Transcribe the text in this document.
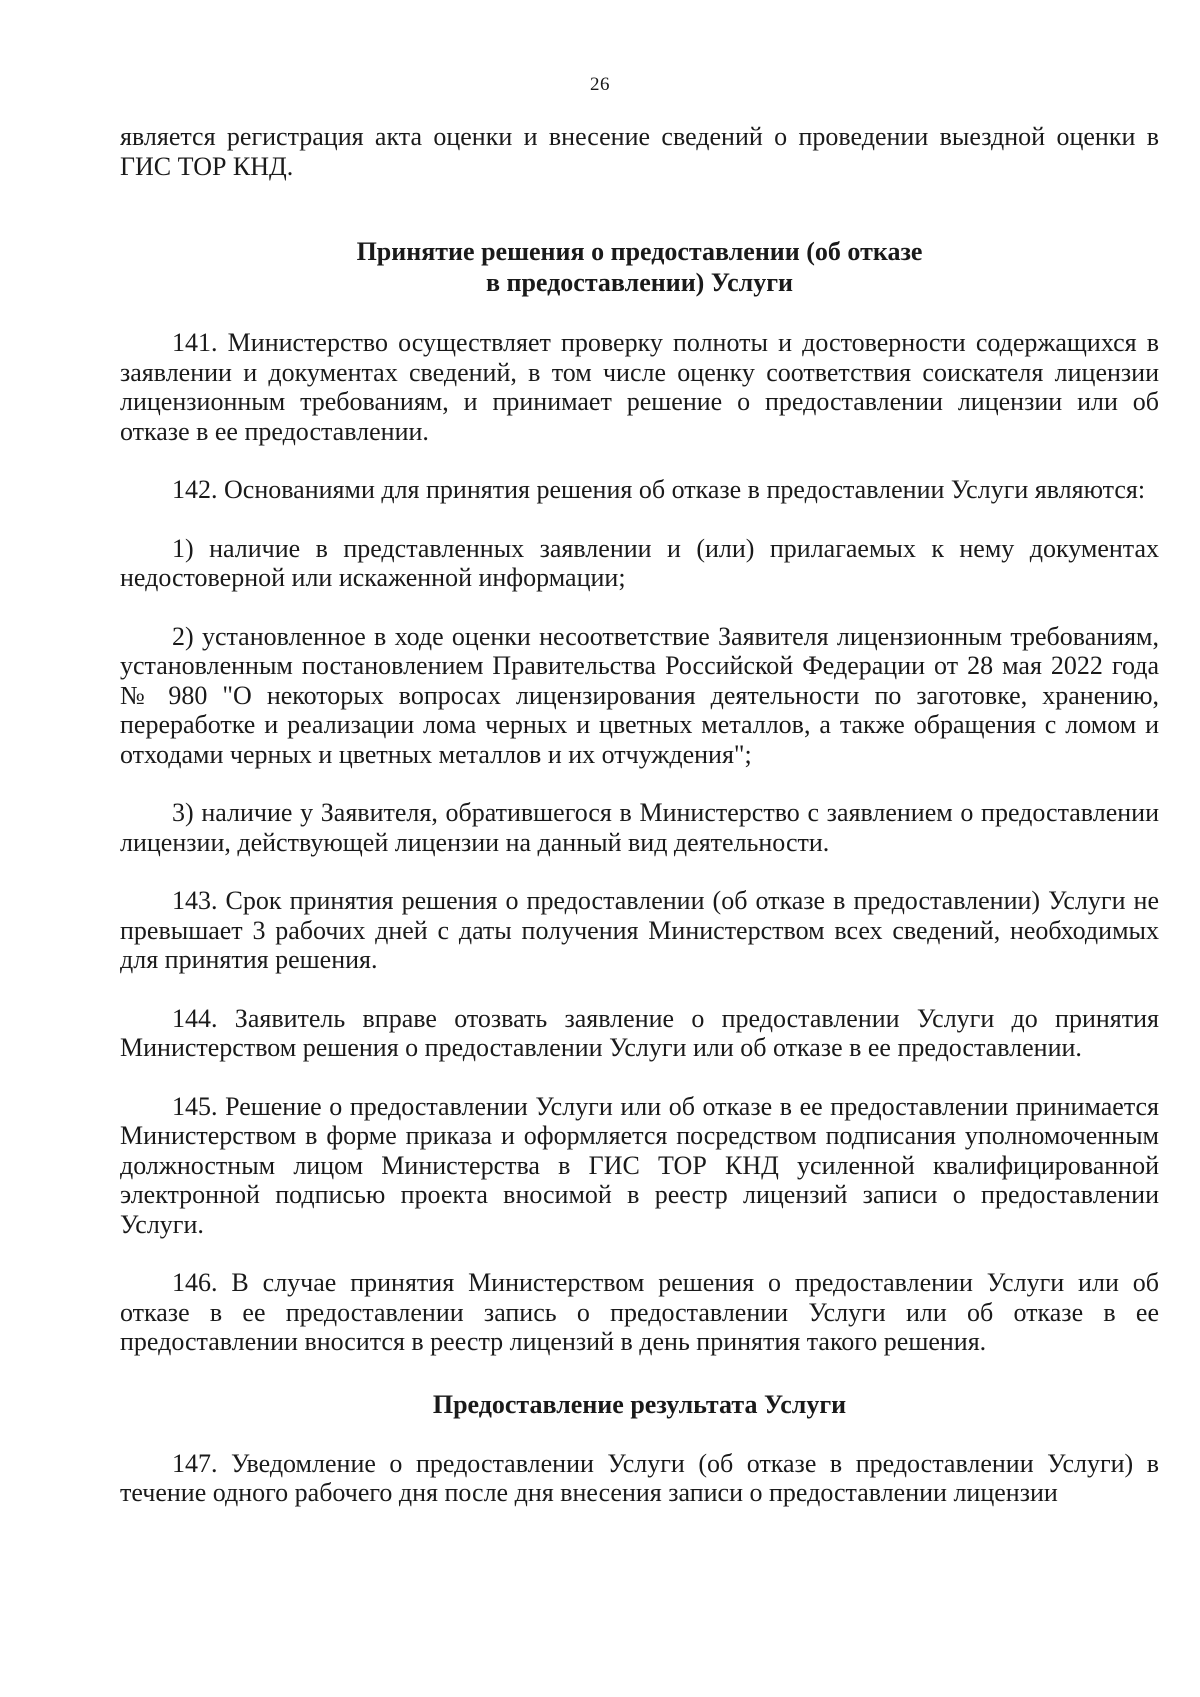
26

является регистрация акта оценки и внесение сведений о проведении выездной оценки в ГИС ТОР КНД.

Принятие решения о предоставлении (об отказе
в предоставлении) Услуги

141. Министерство осуществляет проверку полноты и достоверности содержащихся в заявлении и документах сведений, в том числе оценку соответствия соискателя лицензии лицензионным требованиям, и принимает решение о предоставлении лицензии или об отказе в ее предоставлении.

142. Основаниями для принятия решения об отказе в предоставлении Услуги являются:

1) наличие в представленных заявлении и (или) прилагаемых к нему документах недостоверной или искаженной информации;

2) установленное в ходе оценки несоответствие Заявителя лицензионным требованиям, установленным постановлением Правительства Российской Федерации от 28 мая 2022 года № 980 "О некоторых вопросах лицензирования деятельности по заготовке, хранению, переработке и реализации лома черных и цветных металлов, а также обращения с ломом и отходами черных и цветных металлов и их отчуждения";

3) наличие у Заявителя, обратившегося в Министерство с заявлением о предоставлении лицензии, действующей лицензии на данный вид деятельности.

143. Срок принятия решения о предоставлении (об отказе в предоставлении) Услуги не превышает 3 рабочих дней с даты получения Министерством всех сведений, необходимых для принятия решения.

144. Заявитель вправе отозвать заявление о предоставлении Услуги до принятия Министерством решения о предоставлении Услуги или об отказе в ее предоставлении.

145. Решение о предоставлении Услуги или об отказе в ее предоставлении принимается Министерством в форме приказа и оформляется посредством подписания уполномоченным должностным лицом Министерства в ГИС ТОР КНД усиленной квалифицированной электронной подписью проекта вносимой в реестр лицензий записи о предоставлении Услуги.

146. В случае принятия Министерством решения о предоставлении Услуги или об отказе в ее предоставлении запись о предоставлении Услуги или об отказе в ее предоставлении вносится в реестр лицензий в день принятия такого решения.

Предоставление результата Услуги

147. Уведомление о предоставлении Услуги (об отказе в предоставлении Услуги) в течение одного рабочего дня после дня внесения записи о предоставлении лицензии
